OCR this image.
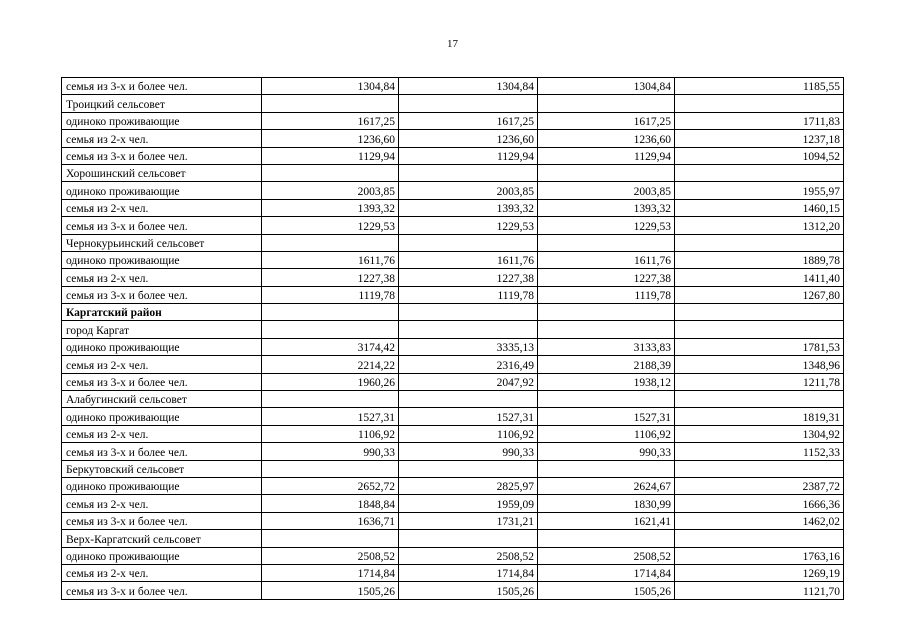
17
семья из 3-х и более чел.	1304,84	1304,84	1304,84	1185,55
Троицкий сельсовет				
одиноко проживающие	1617,25	1617,25	1617,25	1711,83
семья из 2-х чел.	1236,60	1236,60	1236,60	1237,18
семья из 3-х и более чел.	1129,94	1129,94	1129,94	1094,52
Хорошинский сельсовет				
одиноко проживающие	2003,85	2003,85	2003,85	1955,97
семья из 2-х чел.	1393,32	1393,32	1393,32	1460,15
семья из 3-х и более чел.	1229,53	1229,53	1229,53	1312,20
Чернокурьинский сельсовет				
одиноко проживающие	1611,76	1611,76	1611,76	1889,78
семья из 2-х чел.	1227,38	1227,38	1227,38	1411,40
семья из 3-х и более чел.	1119,78	1119,78	1119,78	1267,80
Каргатский район				
город Каргат				
одиноко проживающие	3174,42	3335,13	3133,83	1781,53
семья из 2-х чел.	2214,22	2316,49	2188,39	1348,96
семья из 3-х и более чел.	1960,26	2047,92	1938,12	1211,78
Алабугинский сельсовет				
одиноко проживающие	1527,31	1527,31	1527,31	1819,31
семья из 2-х чел.	1106,92	1106,92	1106,92	1304,92
семья из 3-х и более чел.	990,33	990,33	990,33	1152,33
Беркутовский сельсовет				
одиноко проживающие	2652,72	2825,97	2624,67	2387,72
семья из 2-х чел.	1848,84	1959,09	1830,99	1666,36
семья из 3-х и более чел.	1636,71	1731,21	1621,41	1462,02
Верх-Каргатский сельсовет				
одиноко проживающие	2508,52	2508,52	2508,52	1763,16
семья из 2-х чел.	1714,84	1714,84	1714,84	1269,19
семья из 3-х и более чел.	1505,26	1505,26	1505,26	1121,70
